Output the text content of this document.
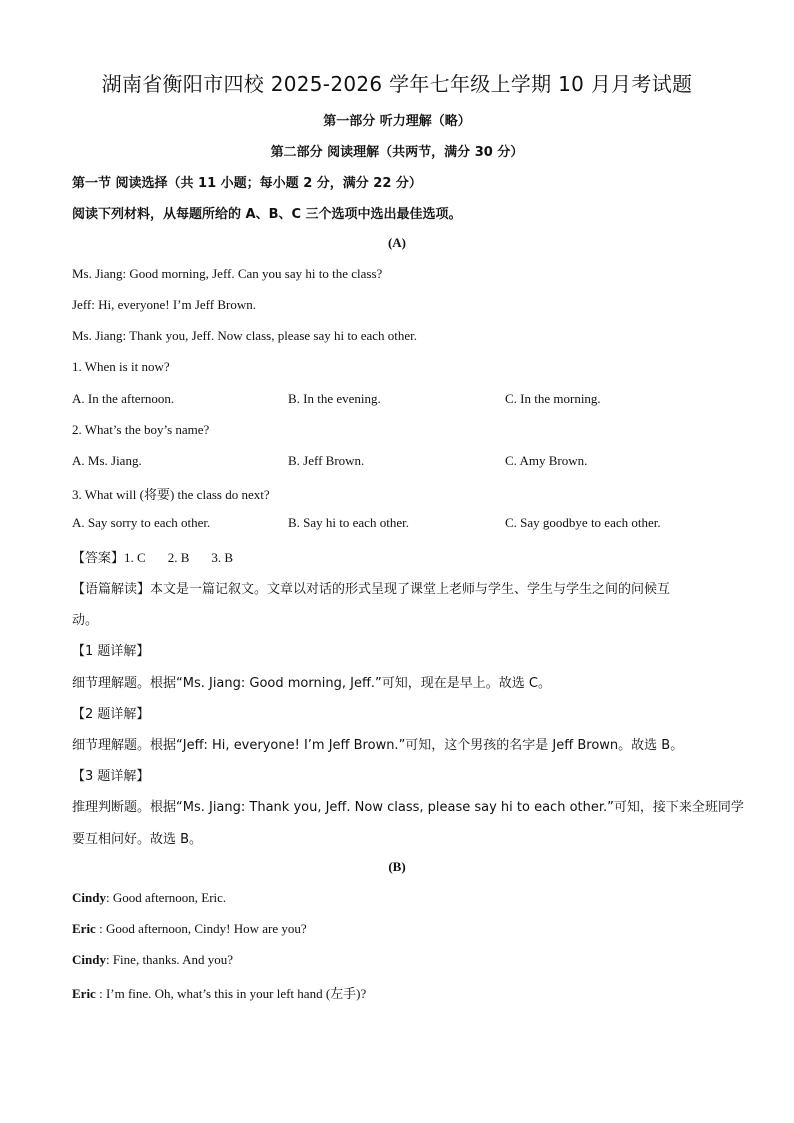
湖南省衡阳市四校 2025-2026 学年七年级上学期 10 月月考试题
第一部分 听力理解（略）
第二部分 阅读理解（共两节，满分 30 分）
第一节 阅读选择（共 11 小题；每小题 2 分，满分 22 分）
阅读下列材料，从每题所给的 A、B、C 三个选项中选出最佳选项。
(A)
Ms. Jiang: Good morning, Jeff. Can you say hi to the class?
Jeff: Hi, everyone! I’m Jeff Brown.
Ms. Jiang: Thank you, Jeff. Now class, please say hi to each other.
1. When is it now?
A. In the afternoon.	B. In the evening.	C. In the morning.
2. What’s the boy’s name?
A. Ms. Jiang.	B. Jeff Brown.	C. Amy Brown.
3. What will (将要) the class do next?
A. Say sorry to each other.	B. Say hi to each other.	C. Say goodbye to each other.
【答案】1. C 2. B 3. B
【语篇解读】本文是一篇记叙文。文章以对话的形式呈现了课堂上老师与学生、学生与学生之间的问候互
动。
【1 题详解】
细节理解题。根据“Ms. Jiang: Good morning, Jeff.”可知，现在是早上。故选 C。
【2 题详解】
细节理解题。根据“Jeff: Hi, everyone! I’m Jeff Brown.”可知，这个男孩的名字是 Jeff Brown。故选 B。
【3 题详解】
推理判断题。根据“Ms. Jiang: Thank you, Jeff. Now class, please say hi to each other.”可知，接下来全班同学
要互相问好。故选 B。
(B)
Cindy: Good afternoon, Eric.
Eric : Good afternoon, Cindy! How are you?
Cindy: Fine, thanks. And you?
Eric : I’m fine. Oh, what’s this in your left hand (左手)?
